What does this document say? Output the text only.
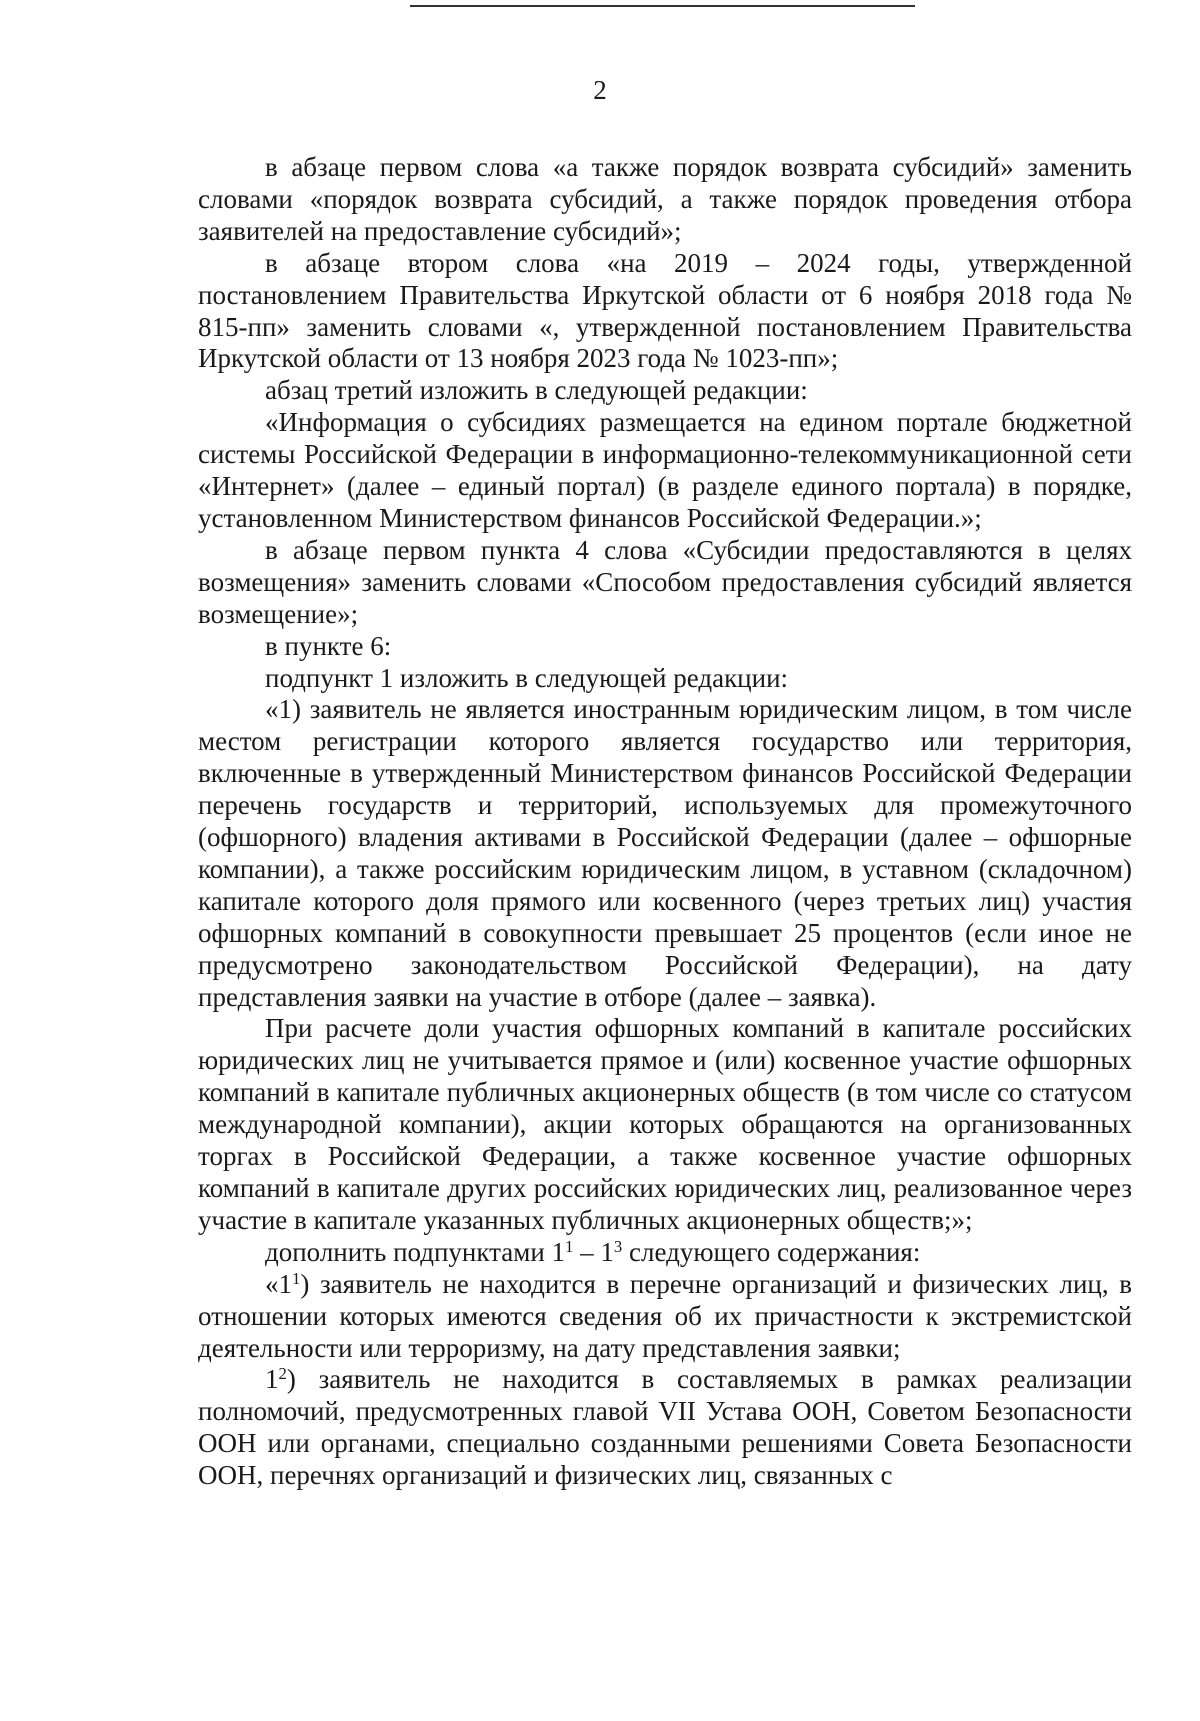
2

в абзаце первом слова «а также порядок возврата субсидий» заменить словами «порядок возврата субсидий, а также порядок проведения отбора заявителей на предоставление субсидий»;

в абзаце втором слова «на 2019 – 2024 годы, утвержденной постановлением Правительства Иркутской области от 6 ноября 2018 года № 815-пп» заменить словами «, утвержденной постановлением Правительства Иркутской области от 13 ноября 2023 года № 1023-пп»;

абзац третий изложить в следующей редакции:

«Информация о субсидиях размещается на едином портале бюджетной системы Российской Федерации в информационно-телекоммуникационной сети «Интернет» (далее – единый портал) (в разделе единого портала) в порядке, установленном Министерством финансов Российской Федерации.»;

в абзаце первом пункта 4 слова «Субсидии предоставляются в целях возмещения» заменить словами «Способом предоставления субсидий является возмещение»;

в пункте 6:

подпункт 1 изложить в следующей редакции:

«1) заявитель не является иностранным юридическим лицом, в том числе местом регистрации которого является государство или территория, включенные в утвержденный Министерством финансов Российской Федерации перечень государств и территорий, используемых для промежуточного (офшорного) владения активами в Российской Федерации (далее – офшорные компании), а также российским юридическим лицом, в уставном (складочном) капитале которого доля прямого или косвенного (через третьих лиц) участия офшорных компаний в совокупности превышает 25 процентов (если иное не предусмотрено законодательством Российской Федерации), на дату представления заявки на участие в отборе (далее – заявка).

При расчете доли участия офшорных компаний в капитале российских юридических лиц не учитывается прямое и (или) косвенное участие офшорных компаний в капитале публичных акционерных обществ (в том числе со статусом международной компании), акции которых обращаются на организованных торгах в Российской Федерации, а также косвенное участие офшорных компаний в капитале других российских юридических лиц, реализованное через участие в капитале указанных публичных акционерных обществ;»;

дополнить подпунктами $1^1 - 1^3$ следующего содержания:

«$1^1$) заявитель не находится в перечне организаций и физических лиц, в отношении которых имеются сведения об их причастности к экстремистской деятельности или терроризму, на дату представления заявки;

$1^2$) заявитель не находится в составляемых в рамках реализации полномочий, предусмотренных главой VII Устава ООН, Советом Безопасности ООН или органами, специально созданными решениями Совета Безопасности ООН, перечнях организаций и физических лиц, связанных с
